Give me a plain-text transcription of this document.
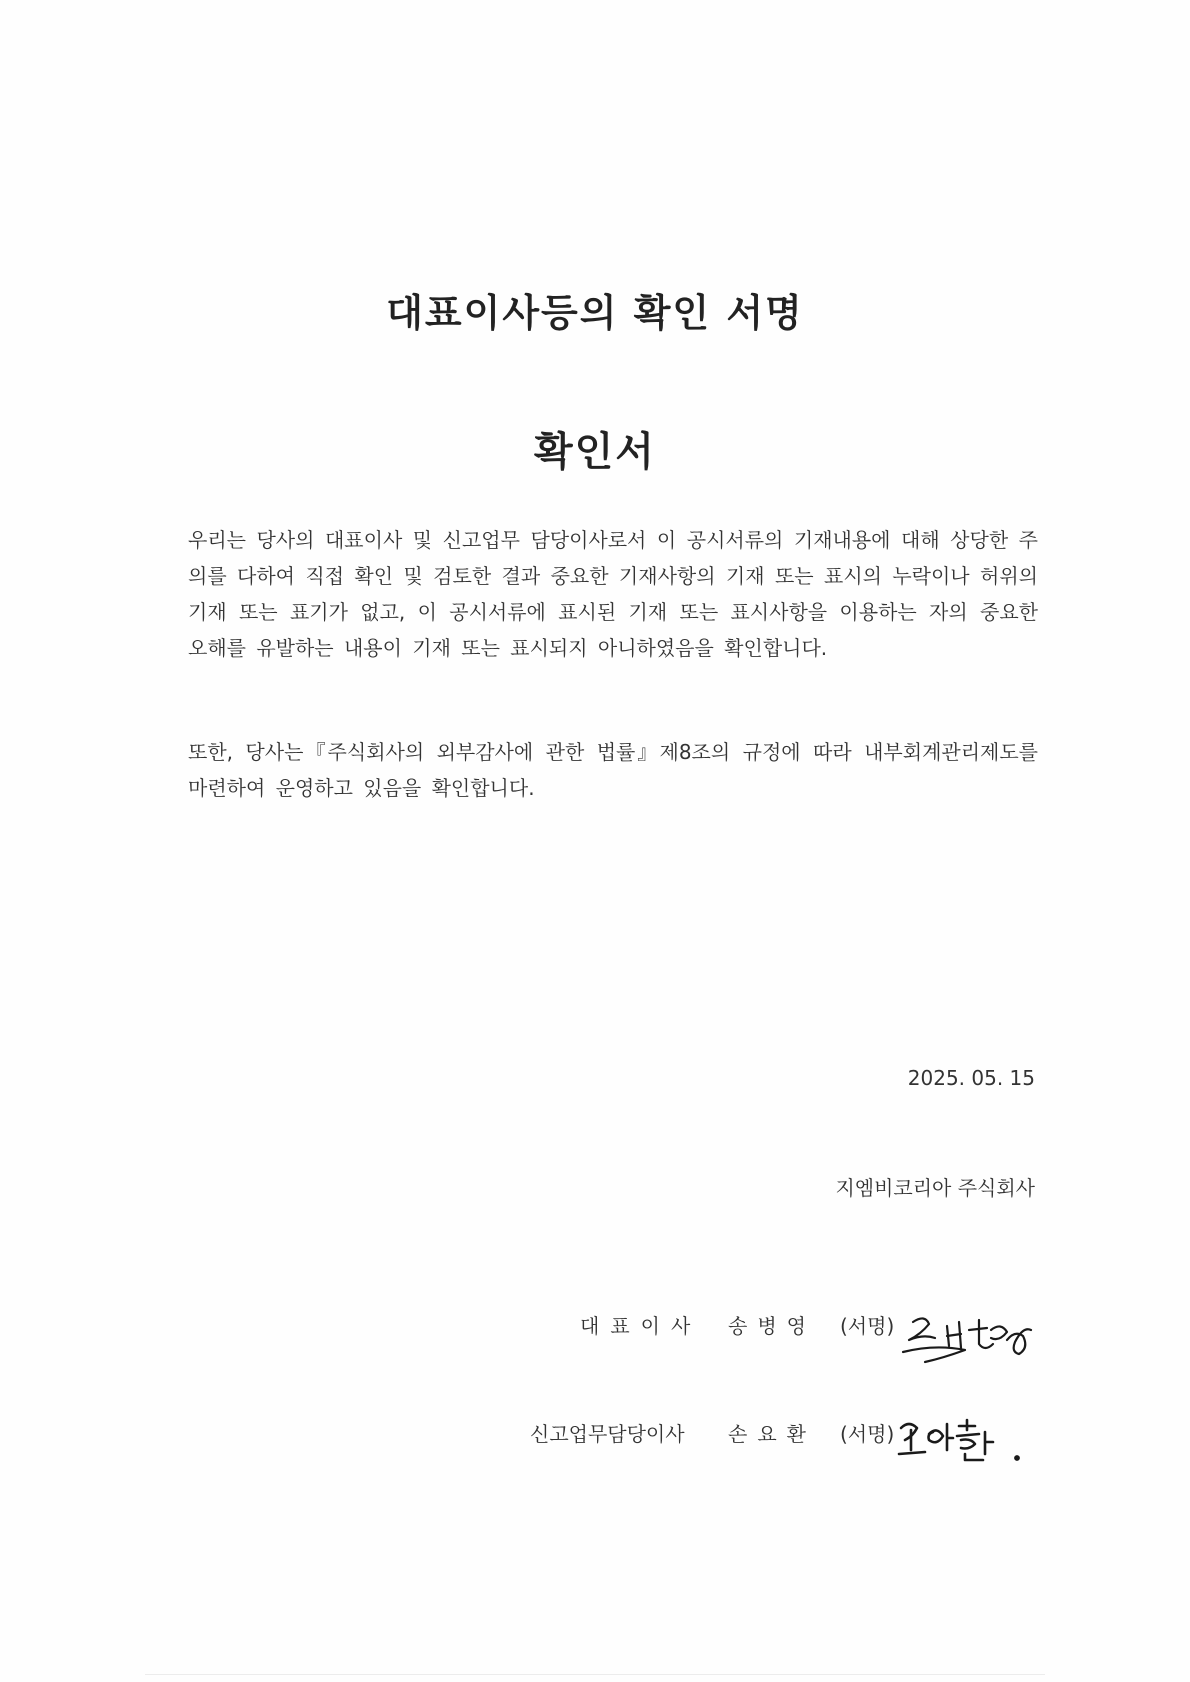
대표이사등의 확인 서명
확인서
우리는 당사의 대표이사 및 신고업무 담당이사로서 이 공시서류의 기재내용에 대해 상당한 주의를 다하여 직접 확인 및 검토한 결과 중요한 기재사항의 기재 또는 표시의 누락이나 허위의 기재 또는 표기가 없고, 이 공시서류에 표시된 기재 또는 표시사항을 이용하는 자의 중요한 오해를 유발하는 내용이 기재 또는 표시되지 아니하였음을 확인합니다.
또한, 당사는『주식회사의 외부감사에 관한 법률』제8조의 규정에 따라 내부회계관리제도를 마련하여 운영하고 있음을 확인합니다.
2025. 05. 15
지엠비코리아 주식회사
대표이사 송병영 (서명)
신고업무담당이사 손요환 (서명)
